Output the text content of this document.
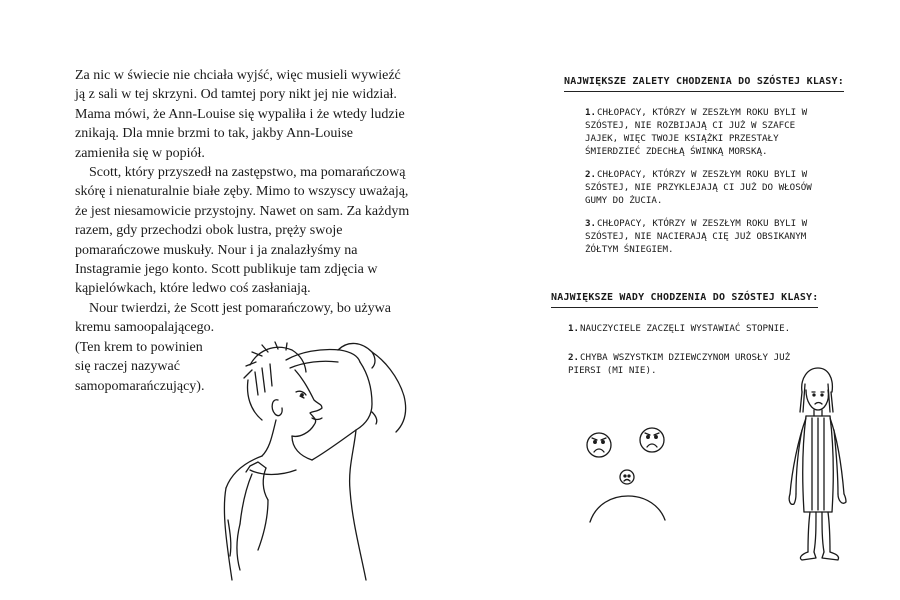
Za nic w świecie nie chciała wyjść, więc musieli wywieźć ją z sali w tej skrzyni. Od tamtej pory nikt jej nie widział. Mama mówi, że Ann-Louise się wypaliła i że wtedy ludzie znikają. Dla mnie brzmi to tak, jakby Ann-Louise zamieniła się w popiół.

Scott, który przyszedł na zastępstwo, ma pomarańczową skórę i nienaturalnie białe zęby. Mimo to wszyscy uważają, że jest niesamowicie przystojny. Nawet on sam. Za każdym razem, gdy przechodzi obok lustra, pręży swoje pomarańczowe muskuły. Nour i ja znalazłyśmy na Instagramie jego konto. Scott publikuje tam zdjęcia w kąpielówkach, które ledwo coś zasłaniają.

Nour twierdzi, że Scott jest pomarańczowy, bo używa kremu samoopalającego.

(Ten krem to powinien

się raczej nazywać

samopomarańczujący).

NAJWIĘKSZE ZALETY CHODZENIA DO SZÓSTEJ KLASY:
1.CHŁOPACY, KTÓRZY W ZESZŁYM ROKU BYLI W SZÓSTEJ, NIE ROZBIJAJĄ CI JUŻ W SZAFCE JAJEK, WIĘC TWOJE KSIĄŻKI PRZESTAŁY ŚMIERDZIEĆ ZDECHŁĄ ŚWINKĄ MORSKĄ.
2.CHŁOPACY, KTÓRZY W ZESZŁYM ROKU BYLI W SZÓSTEJ, NIE PRZYKLEJAJĄ CI JUŻ DO WŁOSÓW GUMY DO ŻUCIA.
3.CHŁOPACY, KTÓRZY W ZESZŁYM ROKU BYLI W SZÓSTEJ, NIE NACIERAJĄ CIĘ JUŻ OBSIKANYM ŻÓŁTYM ŚNIEGIEM.
NAJWIĘKSZE WADY CHODZENIA DO SZÓSTEJ KLASY:
1.NAUCZYCIELE ZACZĘLI WYSTAWIAĆ STOPNIE.
2.CHYBA WSZYSTKIM DZIEWCZYNOM UROSŁY JUŻ PIERSI (MI NIE).
